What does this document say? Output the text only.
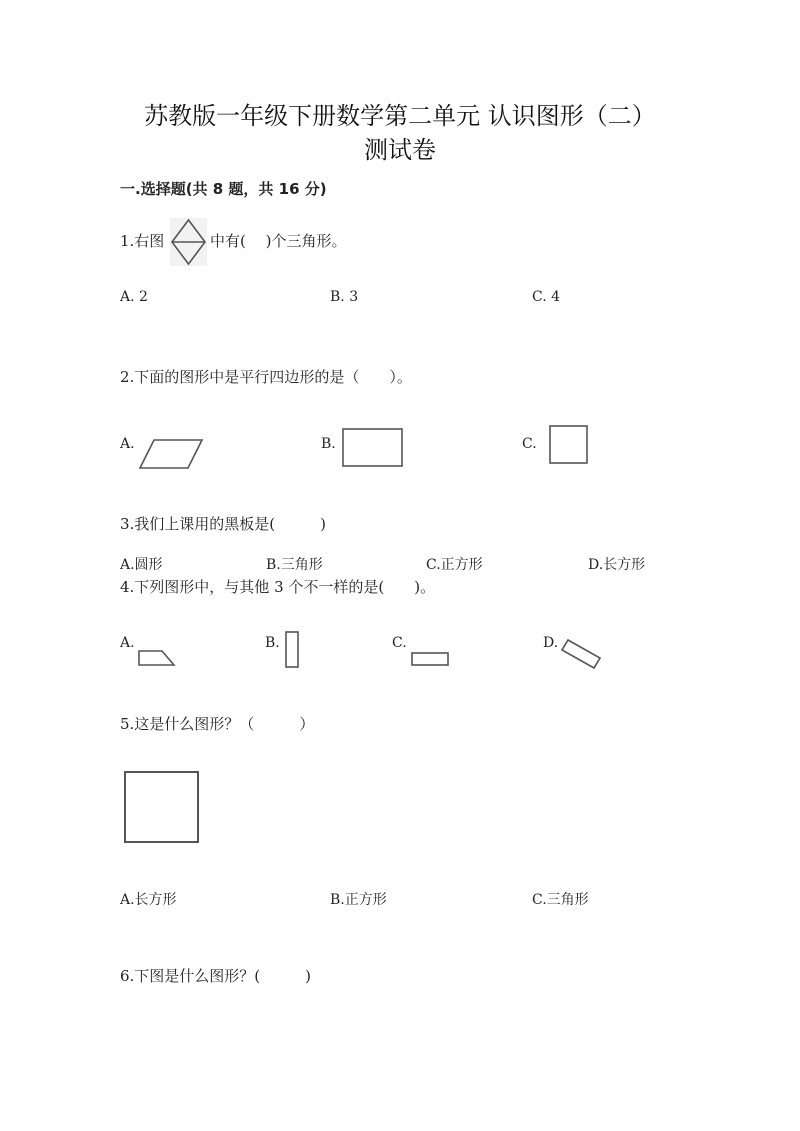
苏教版一年级下册数学第二单元 认识图形（二）
测试卷
一.选择题(共 8 题，共 16 分)
1.右图	中有(　 )个三角形。
A. 2	B. 3	C. 4
2.下面的图形中是平行四边形的是（　　）。
A.	B.	C.
3.我们上课用的黑板是(　　　)
A.圆形	B.三角形	C.正方形	D.长方形
4.下列图形中，与其他 3 个不一样的是(　　)。
A.	B.	C.	D.
5.这是什么图形？（　　　）
A.长方形	B.正方形	C.三角形
6.下图是什么图形？(　　　)
